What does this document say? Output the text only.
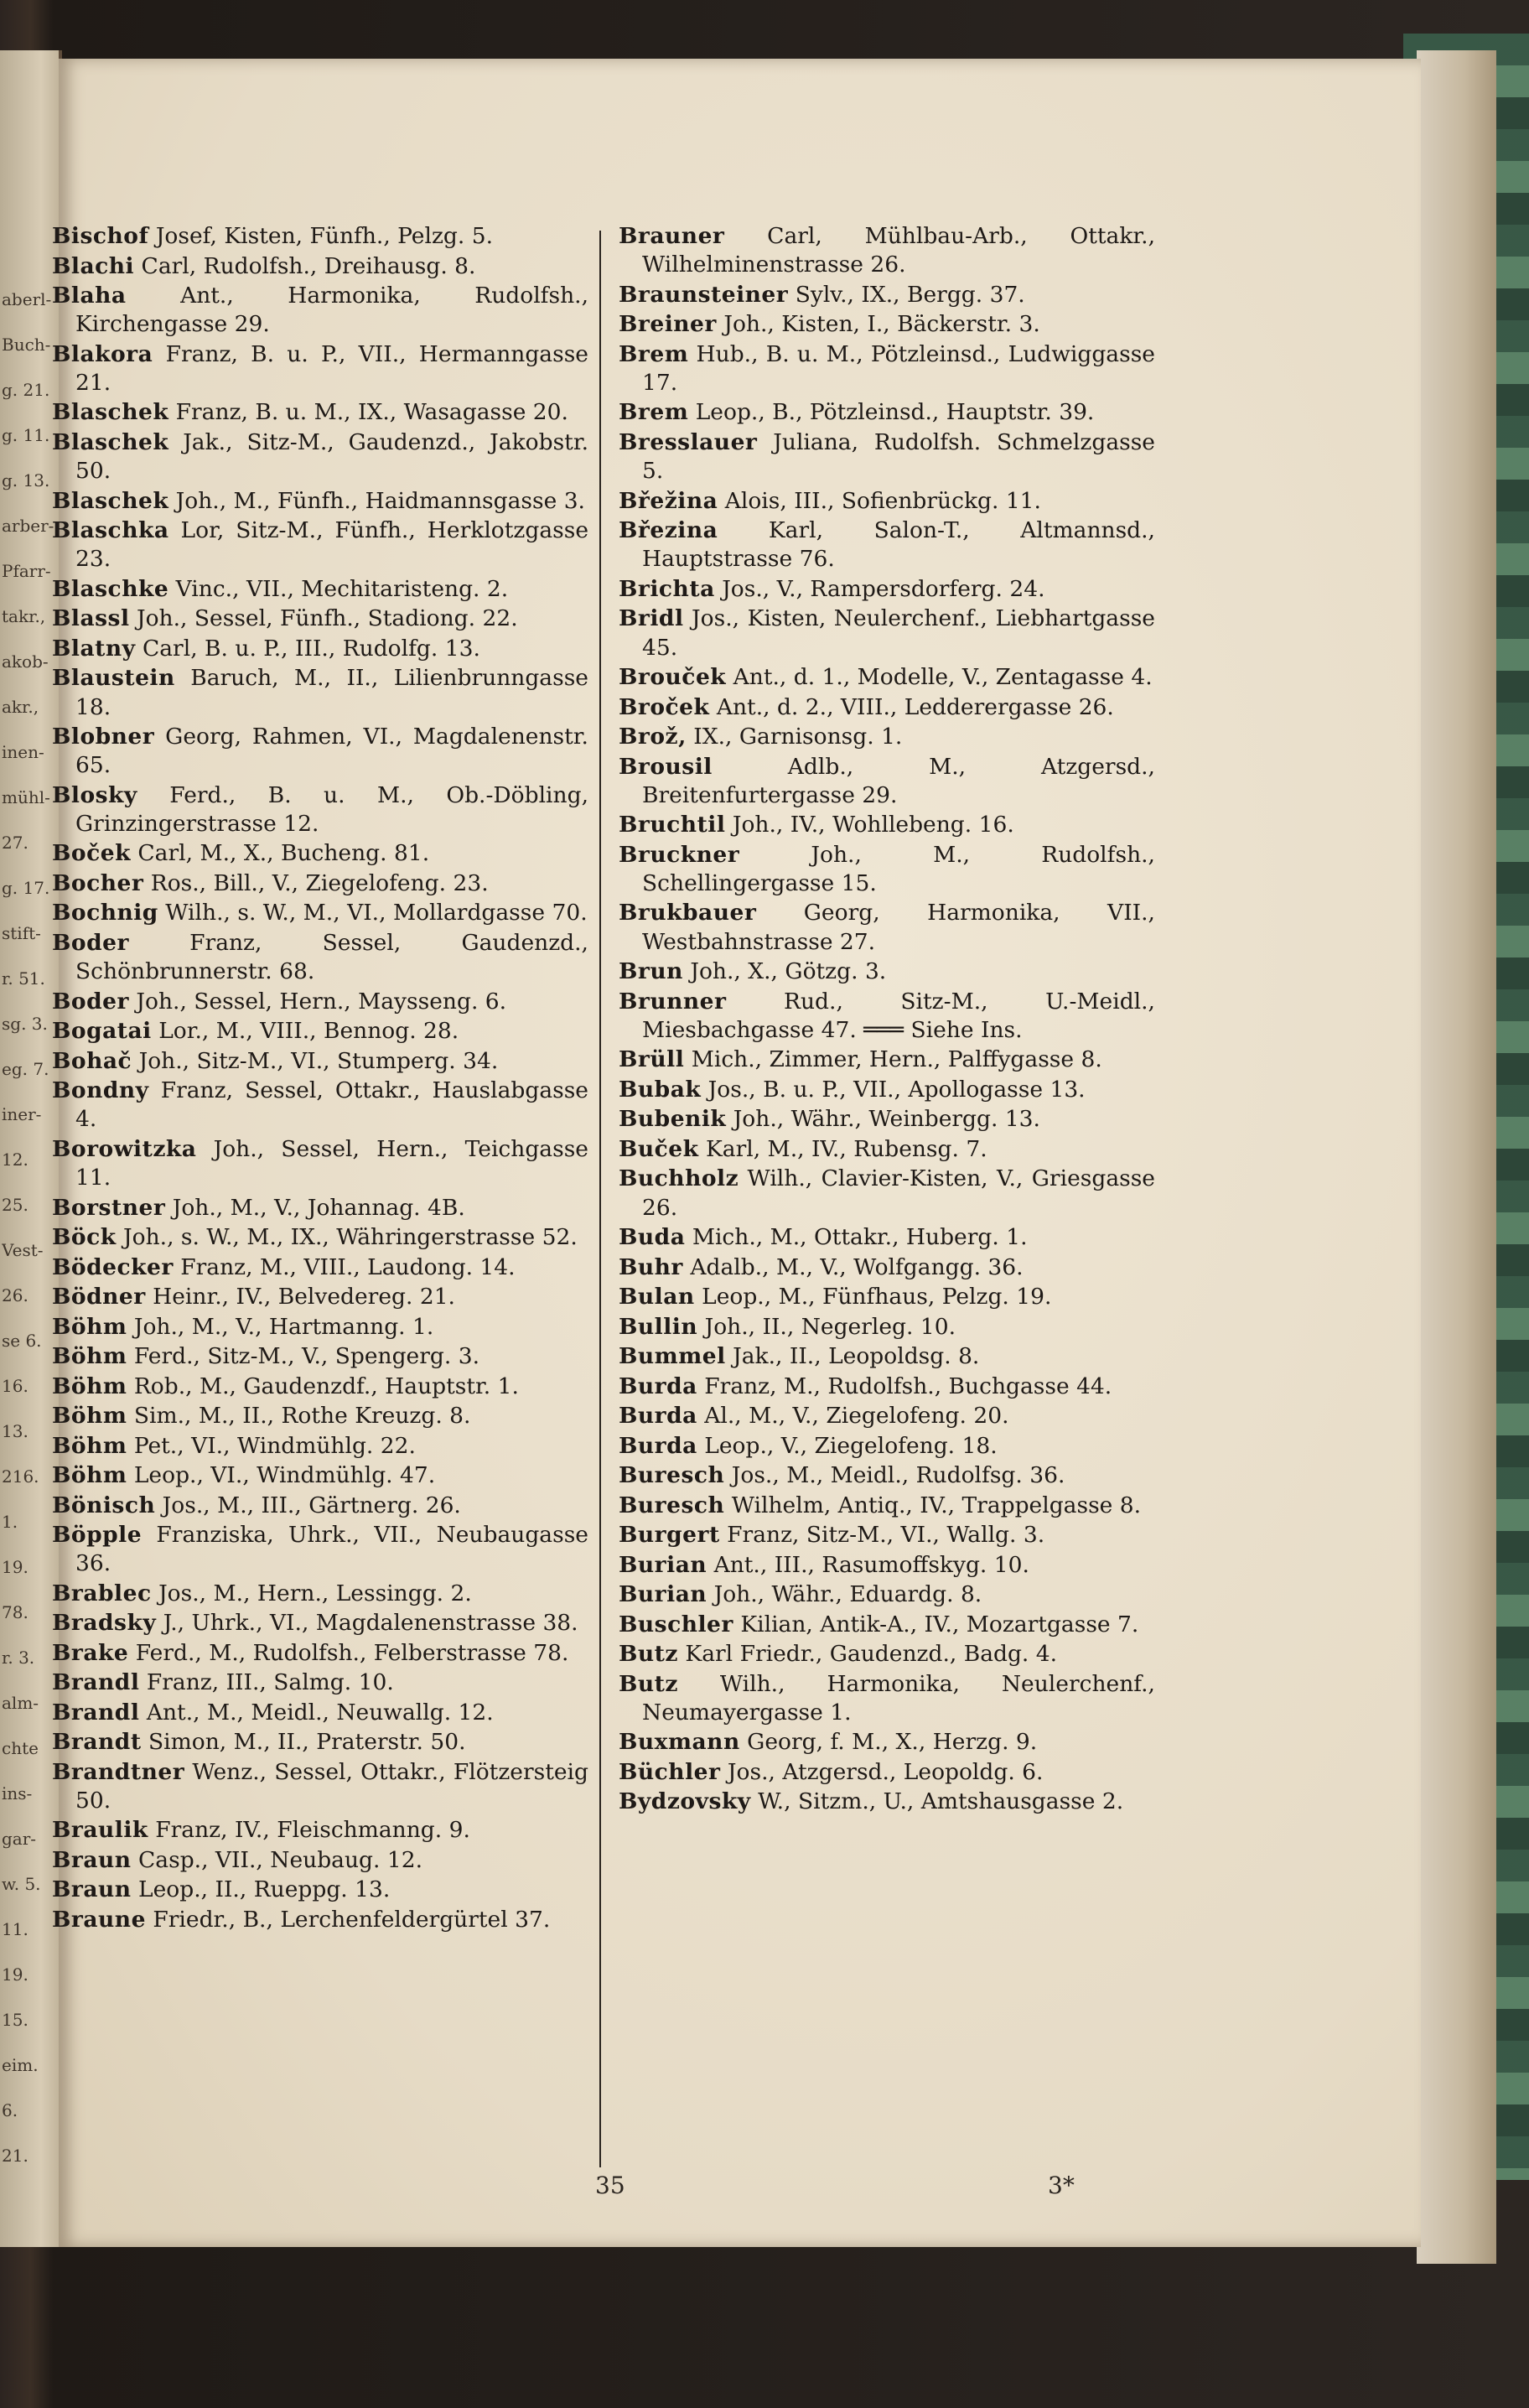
aberl-
Buch-
g. 21.
g. 11.
g. 13.
arber-
Pfarr-
takr.,
akob-
akr.,
inen-
mühl-
27.
g. 17.
stift-
r. 51.
sg. 3.
eg. 7.
iner-
12.
25.
Vest-
26.
se 6.
16.
13.
216.
1.
19.
78.
r. 3.
alm-
chte
ins-
gar-
w. 5.
11.
19.
15.
eim.
6.
21.

Bischof Josef, Kisten, Fünfh., Pelzg. 5.

Blachi Carl, Rudolfsh., Dreihausg. 8.

Blaha Ant., Harmonika, Rudolfsh., Kirchengasse 29.

Blakora Franz, B. u. P., VII., Hermanngasse 21.

Blaschek Franz, B. u. M., IX., Wasagasse 20.

Blaschek Jak., Sitz-M., Gaudenzd., Jakobstr. 50.

Blaschek Joh., M., Fünfh., Haidmannsgasse 3.

Blaschka Lor, Sitz-M., Fünfh., Herklotzgasse 23.

Blaschke Vinc., VII., Mechitaristeng. 2.

Blassl Joh., Sessel, Fünfh., Stadiong. 22.

Blatny Carl, B. u. P., III., Rudolfg. 13.

Blaustein Baruch, M., II., Lilienbrunngasse 18.

Blobner Georg, Rahmen, VI., Magdalenenstr. 65.

Blosky Ferd., B. u. M., Ob.-Döbling, Grinzingerstrasse 12.

Boček Carl, M., X., Bucheng. 81.

Bocher Ros., Bill., V., Ziegelofeng. 23.

Bochnig Wilh., s. W., M., VI., Mollardgasse 70.

Boder	Franz, Sessel, Gaudenzd., Schönbrunnerstr. 68.

Boder Joh., Sessel, Hern., Mayssеng. 6.

Bogatai Lor., M., VIII., Bennog. 28.

Bohač Joh., Sitz-M., VI., Stumperg. 34.

Bondny Franz, Sessel, Ottakr., Hauslabgasse 4.

Borowitzka Joh., Sessel, Hern., Teichgasse 11.

Borstner Joh., M., V., Johannag. 4B.

Böck Joh., s. W., M., IX., Währingerstrasse 52.

Bödecker Franz, M., VIII., Laudong. 14.

Bödner Heinr., IV., Belvedereg. 21.

Böhm Joh., M., V., Hartmanng. 1.

Böhm Ferd., Sitz-M., V., Spengerg. 3.

Böhm Rob., M., Gaudenzdf., Hauptstr. 1.

Böhm Sim., M., II., Rothe Kreuzg. 8.

Böhm Pet., VI., Windmühlg. 22.

Böhm Leop., VI., Windmühlg. 47.

Bönisch Jos., M., III., Gärtnerg. 26.

Böpple Franziska, Uhrk., VII., Neubaugasse 36.

Brablec Jos., M., Hern., Lessingg. 2.

Bradsky J., Uhrk., VI., Magdalenenstrasse 38.

Brake Ferd., M., Rudolfsh., Felberstrasse 78.

Brandl Franz, III., Salmg. 10.

Brandl Ant., M., Meidl., Neuwallg. 12.

Brandt Simon, M., II., Praterstr. 50.

Brandtner Wenz., Sessel, Ottakr., Flötzersteig 50.

Braulik Franz, IV., Fleischmanng. 9.

Braun Casp., VII., Neubaug. 12.

Braun Leop., II., Rueppg. 13.

Braune Friedr., B., Lerchenfeldergürtel 37.

Brauner Carl, Mühlbau-Arb., Ottakr., Wilhelminenstrasse 26.

Braunsteiner Sylv., IX., Bergg. 37.

Breiner Joh., Kisten, I., Bäckerstr. 3.

Brem Hub., B. u. M., Pötzleinsd., Ludwiggasse 17.

Brem Leop., B., Pötzleinsd., Hauptstr. 39.

Bresslauer Juliana, Rudolfsh. Schmelzgasse 5.

Břežina Alois, III., Sofienbrückg. 11.

Březina Karl, Salon-T., Altmannsd., Hauptstrasse 76.

Brichta Jos., V., Rampersdorferg. 24.

Bridl Jos., Kisten, Neulerchenf., Liebhartgasse 45.

Brouček Ant., d. 1., Modelle, V., Zentagasse 4.

Broček Ant., d. 2., VIII., Ledderergasse 26.

Brož, IX., Garnisonsg. 1.

Brousil	Adlb., M., Atzgersd., Breitenfurtergasse 29.

Bruchtil Joh., IV., Wohllebeng. 16.

Bruckner	Joh., M., Rudolfsh., Schellingergasse 15.

Brukbauer Georg, Harmonika, VII., Westbahnstrasse 27.

Brun Joh., X., Götzg. 3.

Brunner	Rud., Sitz-M., U.-Meidl., Miesbachgasse 47. ═══ Siehe Ins.

Brüll Mich., Zimmer, Hern., Palffygasse 8.

Bubak Jos., B. u. P., VII., Apollogasse 13.

Bubenik Joh., Währ., Weinbergg. 13.

Buček Karl, M., IV., Rubensg. 7.

Buchholz Wilh., Clavier-Kisten, V., Griesgasse 26.

Buda Mich., M., Ottakr., Huberg. 1.

Buhr Adalb., M., V., Wolfgangg. 36.

Bulan Leop., M., Fünfhaus, Pelzg. 19.

Bullin Joh., II., Negerleg. 10.

Bummel Jak., II., Leopoldsg. 8.

Burda Franz, M., Rudolfsh., Buchgasse 44.

Burda Al., M., V., Ziegelofeng. 20.

Burda Leop., V., Ziegelofeng. 18.

Buresch Jos., M., Meidl., Rudolfsg. 36.

Buresch Wilhelm, Antiq., IV., Trappelgasse 8.

Burgert Franz, Sitz-M., VI., Wallg. 3.

Burian Ant., III., Rasumoffskyg. 10.

Burian Joh., Währ., Eduardg. 8.

Buschler Kilian, Antik-A., IV., Mozartgasse 7.

Butz Karl Friedr., Gaudenzd., Badg. 4.

Butz Wilh., Harmonika, Neulerchenf., Neumayergasse 1.

Buxmann Georg, f. M., X., Herzg. 9.

Büchler Jos., Atzgersd., Leopoldg. 6.

Bydzovsky W., Sitzm., U., Amtshausgasse 2.

35	3*
